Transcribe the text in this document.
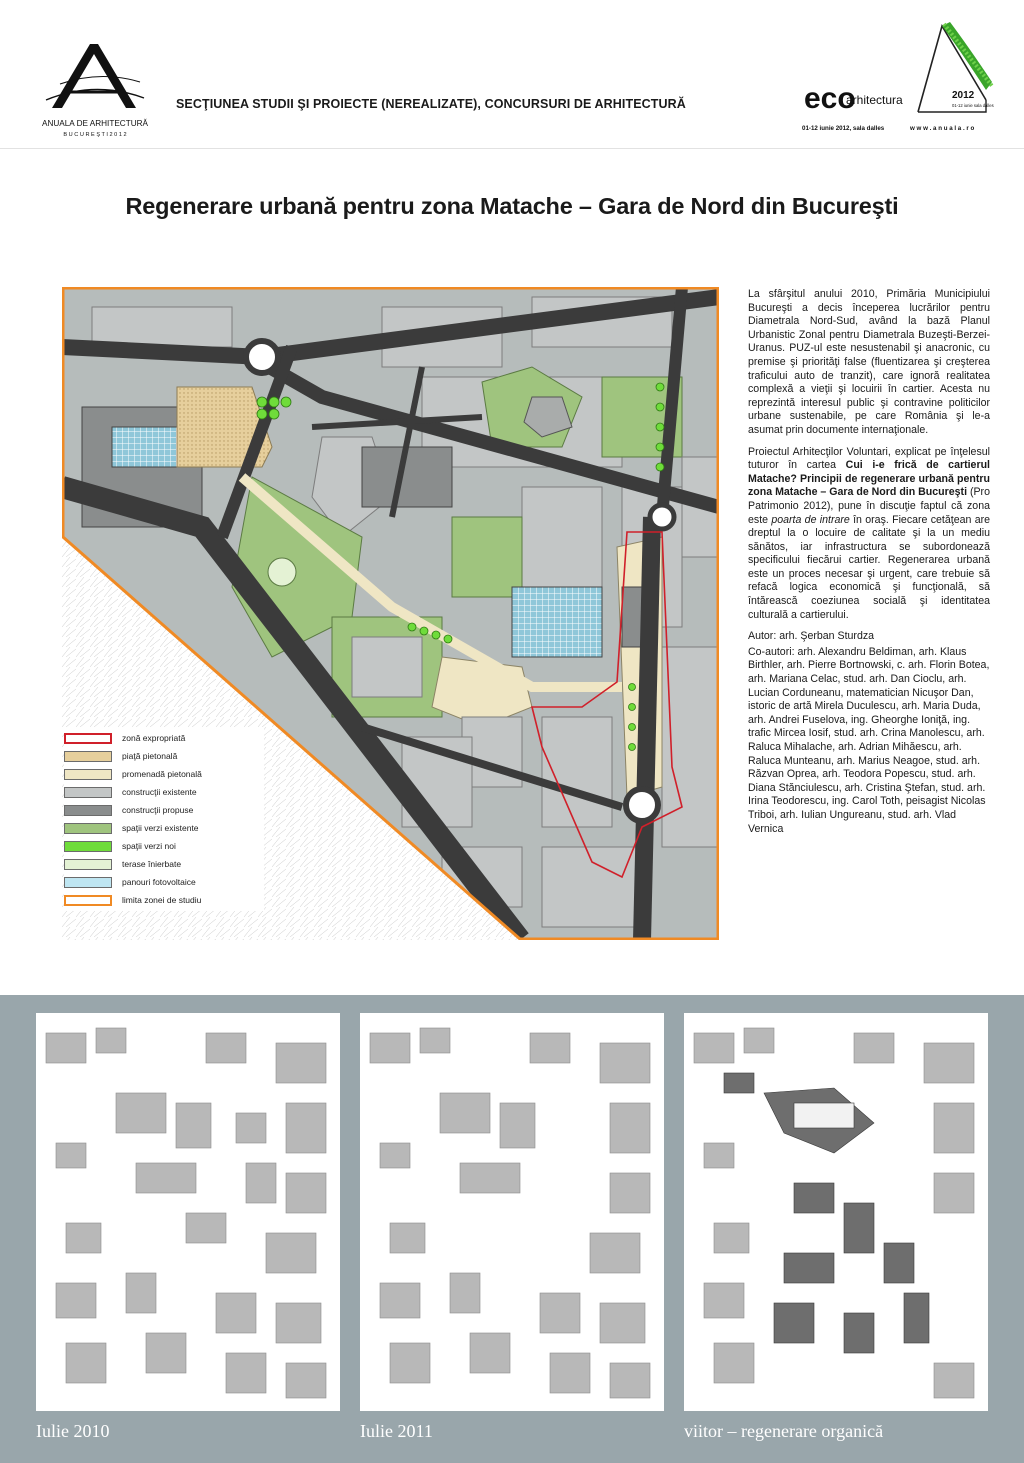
ANUALA DE ARHITECTURĂ
B U C U R E Ş T I 2 0 1 2
SECŢIUNEA STUDII ŞI PROIECTE (NEREALIZATE), CONCURSURI DE ARHITECTURĂ	eco
arhitectura	2012
01-12 iunie sala dalles
01-12 iunie 2012, sala dalles	w w w . a n u a l a . r o
Regenerare urbană pentru zona Matache – Gara de Nord din Bucureşti
zonă expropriată
piaţă pietonală
promenadă pietonală
construcţii existente
construcţii propuse
spaţii verzi existente
spaţii verzi noi
terase înierbate
panouri fotovoltaice
limita zonei de studiu

La sfârşitul anului 2010, Primăria Municipiului Bucureşti a decis începerea lucrărilor pentru Diametrala Nord-Sud, având la bază Planul Urbanistic Zonal pentru Diametrala Buzeşti-Berzei-Uranus. PUZ-ul este nesustenabil şi anacronic, cu premise şi priorităţi false (fluentizarea şi creşterea traficului auto de tranzit), care ignoră realitatea complexă a vieţii şi locuirii în cartier. Acesta nu reprezintă interesul public şi contravine politicilor urbane sustenabile, pe care România şi le-a asumat prin documente internaţionale.

Proiectul Arhitecţilor Voluntari, explicat pe înţelesul tuturor în cartea Cui i-e frică de cartierul Matache? Principii de regenerare urbană pentru zona Matache – Gara de Nord din Bucureşti (Pro Patrimonio 2012), pune în discuţie faptul că zona este poarta de intrare în oraş. Fiecare cetăţean are dreptul la o locuire de calitate şi la un mediu sănătos, iar infrastructura se subordonează specificului fiecărui cartier. Regenerarea urbană este un proces necesar şi urgent, care trebuie să refacă logica economică şi funcţională, să întărească coeziunea socială şi identitatea culturală a cartierului.

Autor: arh. Şerban Sturdza

Co-autori: arh. Alexandru Beldiman, arh. Klaus Birthler, arh. Pierre Bortnowski, c. arh. Florin Botea, arh. Mariana Celac, stud. arh. Dan Cioclu, arh. Lucian Corduneanu, matematician Nicuşor Dan, istoric de artă Mirela Duculescu, arh. Maria Duda, arh. Andrei Fuselova, ing. Gheorghe Ioniţă, ing. trafic Mircea Iosif, stud. arh. Crina Manolescu, arh. Raluca Mihalache, arh. Adrian Mihăescu, arh. Raluca Munteanu, arh. Marius Neagoe, stud. arh. Răzvan Oprea, arh. Teodora Popescu, stud. arh. Diana Stănciulescu, arh. Cristina Ştefan, stud. arh. Irina Teodorescu, ing. Carol Toth, peisagist Nicolas Triboi, arh. Iulian Ungureanu, stud. arh. Vlad Vernica

Iulie 2010	Iulie 2011	viitor – regenerare organică
